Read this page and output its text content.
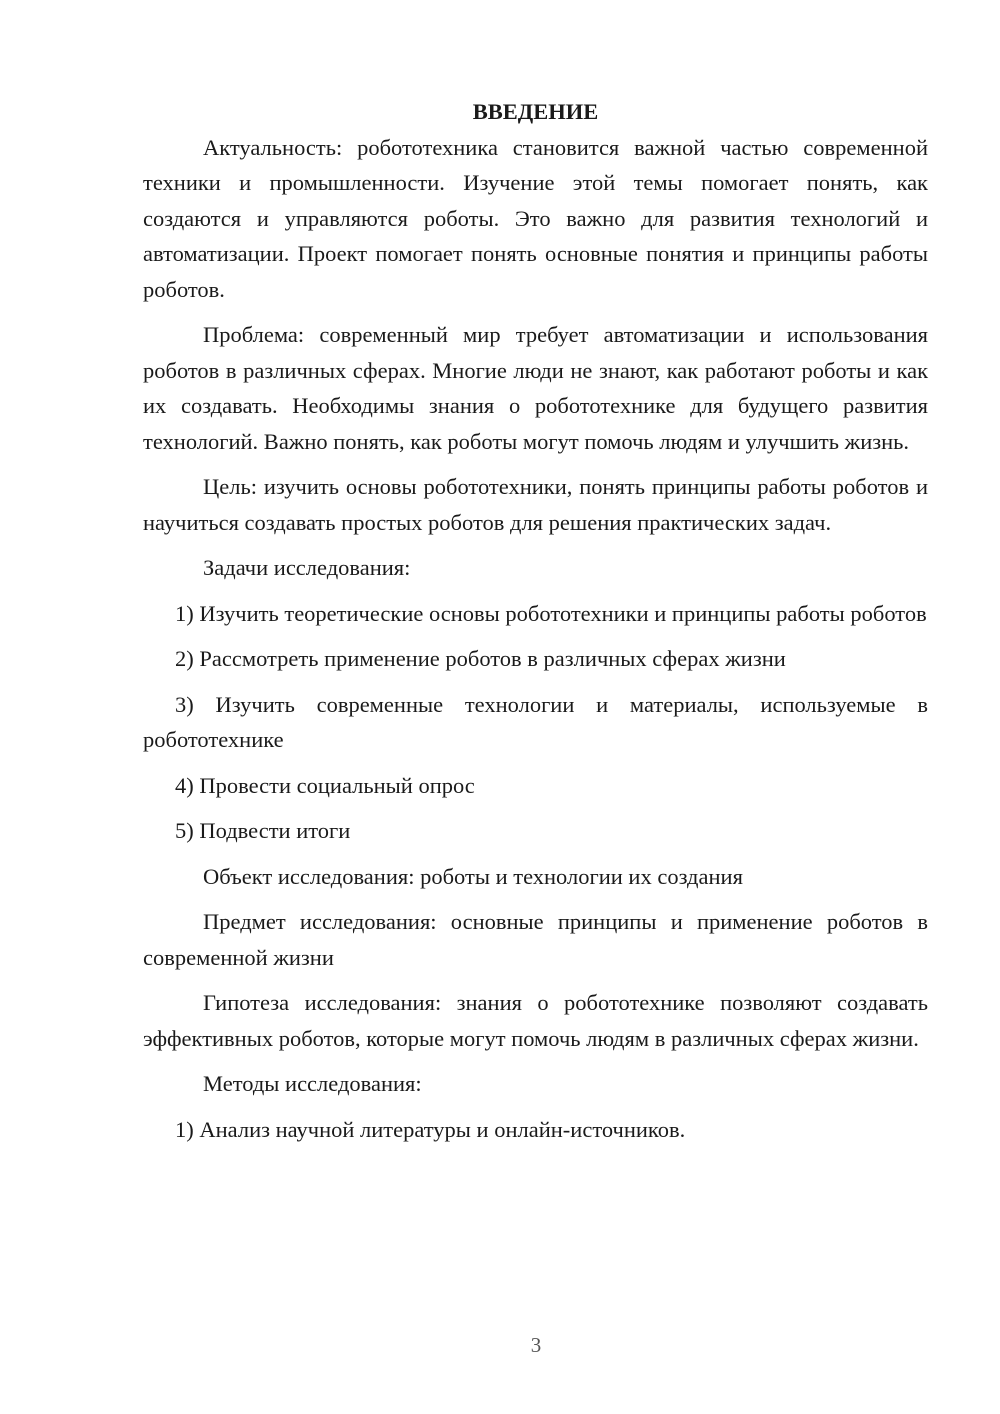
ВВЕДЕНИЕ

Актуальность: робототехника становится важной частью современной техники и промышленности. Изучение этой темы помогает понять, как создаются и управляются роботы. Это важно для развития технологий и автоматизации. Проект помогает понять основные понятия и принципы работы роботов.

Проблема: современный мир требует автоматизации и использования роботов в различных сферах. Многие люди не знают, как работают роботы и как их создавать. Необходимы знания о робототехнике для будущего развития технологий. Важно понять, как роботы могут помочь людям и улучшить жизнь.

Цель: изучить основы робототехники, понять принципы работы роботов и научиться создавать простых роботов для решения практических задач.

Задачи исследования:

1) Изучить теоретические основы робототехники и принципы работы роботов

2) Рассмотреть применение роботов в различных сферах жизни

3) Изучить современные технологии и материалы, используемые в робототехнике

4) Провести социальный опрос

5) Подвести итоги

Объект исследования: роботы и технологии их создания

Предмет исследования: основные принципы и применение роботов в современной жизни

Гипотеза исследования: знания о робототехнике позволяют создавать эффективных роботов, которые могут помочь людям в различных сферах жизни.

Методы исследования:

1) Анализ научной литературы и онлайн-источников.

3
